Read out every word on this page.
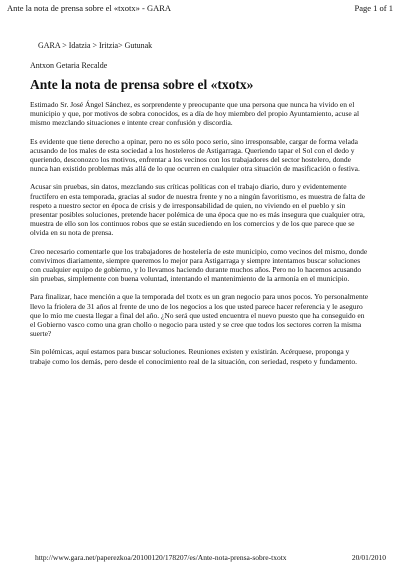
Ante la nota de prensa sobre el «txotx» - GARA	Page 1 of 1
GARA > Idatzia > Iritzia> Gutunak
Antxon Getaria Recalde
Ante la nota de prensa sobre el «txotx»

Estimado Sr. José Ángel Sánchez, es sorprendente y preocupante que una persona que nunca ha vivido en el municipio y que, por motivos de sobra conocidos, es a día de hoy miembro del propio Ayuntamiento, acuse al mismo mezclando situaciones e intente crear confusión y discordia.

Es evidente que tiene derecho a opinar, pero no es sólo poco serio, sino irresponsable, cargar de forma velada acusando de los males de esta sociedad a los hosteleros de Astigarraga. Queriendo tapar el Sol con el dedo y queriendo, desconozco los motivos, enfrentar a los vecinos con los trabajadores del sector hostelero, donde nunca han existido problemas más allá de lo que ocurren en cualquier otra situación de masificación o festiva.

Acusar sin pruebas, sin datos, mezclando sus críticas políticas con el trabajo diario, duro y evidentemente fructífero en esta temporada, gracias al sudor de nuestra frente y no a ningún favoritismo, es muestra de falta de respeto a nuestro sector en época de crisis y de irresponsabilidad de quien, no viviendo en el pueblo y sin presentar posibles soluciones, pretende hacer polémica de una época que no es más insegura que cualquier otra, muestra de ello son los continuos robos que se están sucediendo en los comercios y de los que parece que se olvida en su nota de prensa.

Creo necesario comentarle que los trabajadores de hostelería de este municipio, como vecinos del mismo, donde convivimos diariamente, siempre queremos lo mejor para Astigarraga y siempre intentamos buscar soluciones con cualquier equipo de gobierno, y lo llevamos haciendo durante muchos años. Pero no lo hacemos acusando sin pruebas, simplemente con buena voluntad, intentando el mantenimiento de la armonía en el municipio.

Para finalizar, hace mención a que la temporada del txotx es un gran negocio para unos pocos. Yo personalmente llevo la friolera de 31 años al frente de uno de los negocios a los que usted parece hacer referencia y le aseguro que lo mío me cuesta llegar a final del año. ¿No será que usted encuentra el nuevo puesto que ha conseguido en el Gobierno vasco como una gran chollo o negocio para usted y se cree que todos los sectores corren la misma suerte?

Sin polémicas, aquí estamos para buscar soluciones. Reuniones existen y existirán. Acérquese, proponga y trabaje como los demás, pero desde el conocimiento real de la situación, con seriedad, respeto y fundamento.

http://www.gara.net/paperezkoa/20100120/178207/es/Ante-nota-prensa-sobre-txotx	20/01/2010
